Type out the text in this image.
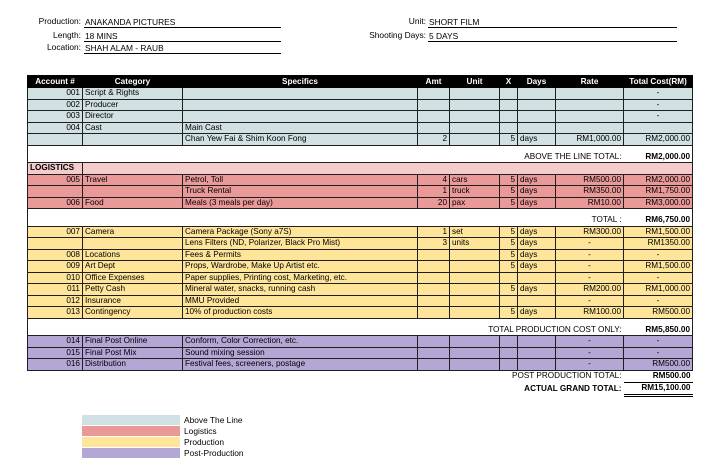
Production: ANAKANDA PICTURES
Length: 18 MINS
Location: SHAH ALAM - RAUB
Unit: SHORT FILM
Shooting Days: 5 DAYS
Account #	Category	Specifics	Amt	Unit	X	Days	Rate	Total Cost(RM)
001	Script & Rights							-
002	Producer							-
003	Director							-
004	Cast	Main Cast						
		Chan Yew Fai & Shim Koon Fong	2		5	days	RM1,000.00	RM2,000.00

ABOVE THE LINE TOTAL:								RM2,000.00
LOGISTICS								
005	Travel	Petrol, Toll	4	cars	5	days	RM500.00	RM2,000.00
		Truck Rental	1	truck	5	days	RM350.00	RM1,750.00
006	Food	Meals (3 meals per day)	20	pax	5	days	RM10.00	RM3,000.00

TOTAL :								RM6,750.00
007	Camera	Camera Package (Sony a7S)	1	set	5	days	RM300.00	RM1,500.00
		Lens Filters (ND, Polarizer, Black Pro Mist)	3	units	5	days	-	RM1350.00
008	Locations	Fees & Permits			5	days	-	-
009	Art Dept	Props, Wardrobe, Make Up Artist etc.			5	days	-	RM1,500.00
010	Office Expenses	Paper supplies, Printing cost, Marketing, etc.					-	-
011	Petty Cash	Mineral water, snacks, running cash			5	days	RM200.00	RM1,000.00
012	Insurance	MMU Provided					-	-
013	Contingency	10% of production costs			5	days	RM100.00	RM500.00

TOTAL PRODUCTION COST ONLY:								RM5,850.00
014	Final Post Online	Conform, Color Correction, etc.					-	-
015	Final Post Mix	Sound mixing session					-	-
016	Distribution	Festival fees, screeners, postage					-	RM500.00
POST PRODUCTION TOTAL:								RM500.00
ACTUAL GRAND TOTAL:								RM15,100.00
Above The Line
Logistics
Production
Post-Production
